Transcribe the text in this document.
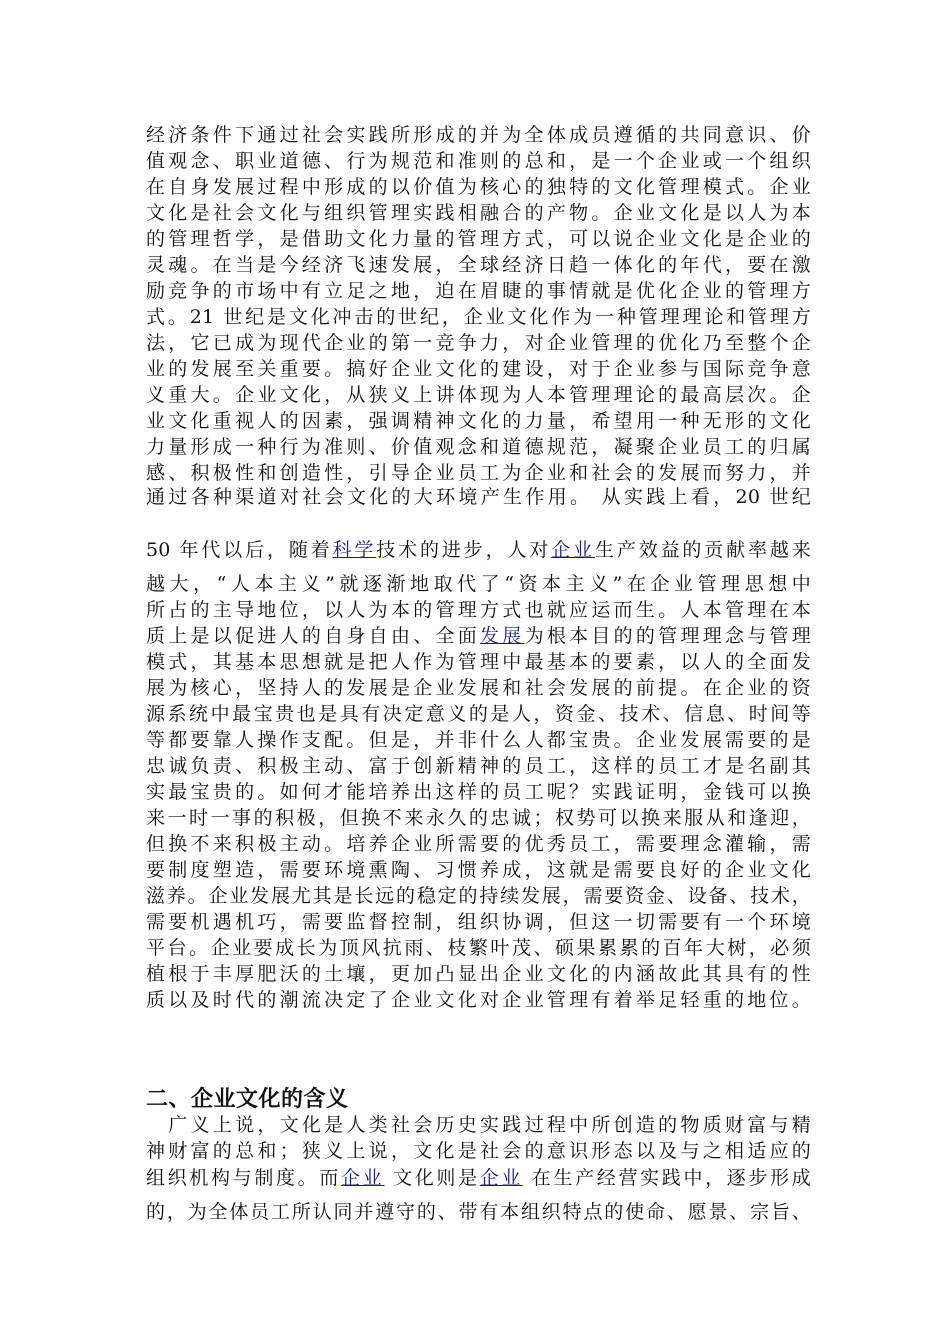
经济条件下通过社会实践所形成的并为全体成员遵循的共同意识、价
值观念、职业道德、行为规范和准则的总和，是一个企业或一个组织
在自身发展过程中形成的以价值为核心的独特的文化管理模式。企业
文化是社会文化与组织管理实践相融合的产物。企业文化是以人为本
的管理哲学，是借助文化力量的管理方式，可以说企业文化是企业的
灵魂。在当是今经济飞速发展，全球经济日趋一体化的年代，要在激
励竞争的市场中有立足之地，迫在眉睫的事情就是优化企业的管理方
式。21 世纪是文化冲击的世纪，企业文化作为一种管理理论和管理方
法，它已成为现代企业的第一竞争力，对企业管理的优化乃至整个企
业的发展至关重要。搞好企业文化的建设，对于企业参与国际竞争意
义重大。企业文化，从狭义上讲体现为人本管理理论的最高层次。企
业文化重视人的因素，强调精神文化的力量，希望用一种无形的文化
力量形成一种行为准则、价值观念和道德规范，凝聚企业员工的归属
感、积极性和创造性，引导企业员工为企业和社会的发展而努力，并
通过各种渠道对社会文化的大环境产生作用。 从实践上看，20 世纪
50 年代以后，随着科学技术的进步，人对企业生产效益的贡献率越来
越大，“人本主义”就逐渐地取代了“资本主义”在企业管理思想中
所占的主导地位，以人为本的管理方式也就应运而生。人本管理在本
质上是以促进人的自身自由、全面发展为根本目的的管理理念与管理
模式，其基本思想就是把人作为管理中最基本的要素，以人的全面发
展为核心，坚持人的发展是企业发展和社会发展的前提。在企业的资
源系统中最宝贵也是具有决定意义的是人，资金、技术、信息、时间等
等都要靠人操作支配。但是，并非什么人都宝贵。企业发展需要的是
忠诚负责、积极主动、富于创新精神的员工，这样的员工才是名副其
实最宝贵的。如何才能培养出这样的员工呢？实践证明，金钱可以换
来一时一事的积极，但换不来永久的忠诚；权势可以换来服从和逢迎，
但换不来积极主动。培养企业所需要的优秀员工，需要理念灌输，需
要制度塑造，需要环境熏陶、习惯养成，这就是需要良好的企业文化
滋养。企业发展尤其是长远的稳定的持续发展，需要资金、设备、技术，
需要机遇机巧，需要监督控制，组织协调，但这一切需要有一个环境
平台。企业要成长为顶风抗雨、枝繁叶茂、硕果累累的百年大树，必须
植根于丰厚肥沃的土壤，更加凸显出企业文化的内涵故此其具有的性
质以及时代的潮流决定了企业文化对企业管理有着举足轻重的地位。
二、企业文化的含义
　广义上说，文化是人类社会历史实践过程中所创造的物质财富与精
神财富的总和；狭义上说，文化是社会的意识形态以及与之相适应的
组织机构与制度。而企业 文化则是企业 在生产经营实践中，逐步形成
的，为全体员工所认同并遵守的、带有本组织特点的使命、愿景、宗旨、
